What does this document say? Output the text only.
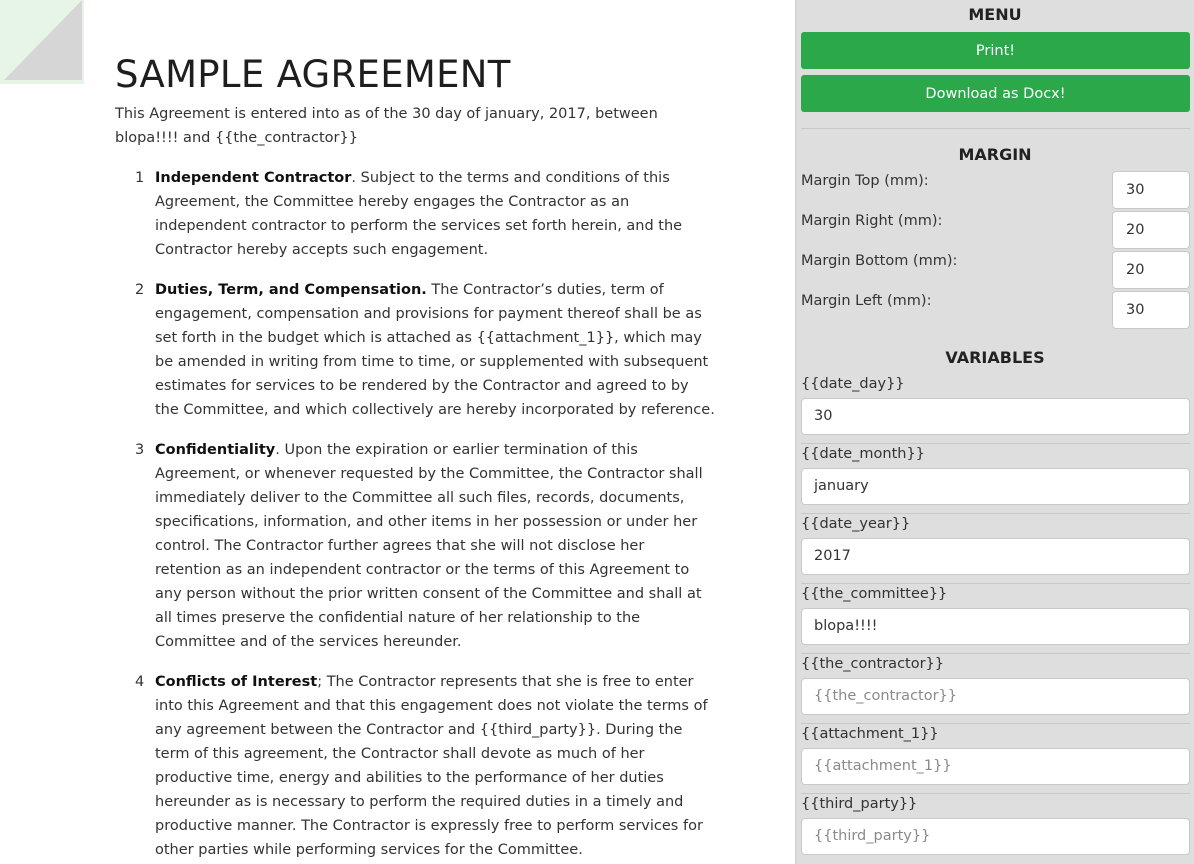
SAMPLE AGREEMENT

This Agreement is entered into as of the 30 day of january, 2017, between blopa!!!! and {{the_contractor}}

1 Independent Contractor. Subject to the terms and conditions of this Agreement, the Committee hereby engages the Contractor as an independent contractor to perform the services set forth herein, and the Contractor hereby accepts such engagement.
2 Duties, Term, and Compensation. The Contractor’s duties, term of engagement, compensation and provisions for payment thereof shall be as set forth in the budget which is attached as {{attachment_1}}, which may be amended in writing from time to time, or supplemented with subsequent estimates for services to be rendered by the Contractor and agreed to by the Committee, and which collectively are hereby incorporated by reference.
3 Confidentiality. Upon the expiration or earlier termination of this Agreement, or whenever requested by the Committee, the Contractor shall immediately deliver to the Committee all such files, records, documents, specifications, information, and other items in her possession or under her control. The Contractor further agrees that she will not disclose her retention as an independent contractor or the terms of this Agreement to any person without the prior written consent of the Committee and shall at all times preserve the confidential nature of her relationship to the Committee and of the services hereunder.
4 Conflicts of Interest; The Contractor represents that she is free to enter into this Agreement and that this engagement does not violate the terms of any agreement between the Contractor and {{third_party}}. During the term of this agreement, the Contractor shall devote as much of her productive time, energy and abilities to the performance of her duties hereunder as is necessary to perform the required duties in a timely and productive manner. The Contractor is expressly free to perform services for other parties while performing services for the Committee.
MENU
Print!
Download as Docx!
MARGIN
Margin Top (mm):
30
Margin Right (mm):
20
Margin Bottom (mm):
20
Margin Left (mm):
30
VARIABLES
{{date_day}}
30
{{date_month}}
january
{{date_year}}
2017
{{the_committee}}
blopa!!!!
{{the_contractor}}
{{the_contractor}}
{{attachment_1}}
{{attachment_1}}
{{third_party}}
{{third_party}}
